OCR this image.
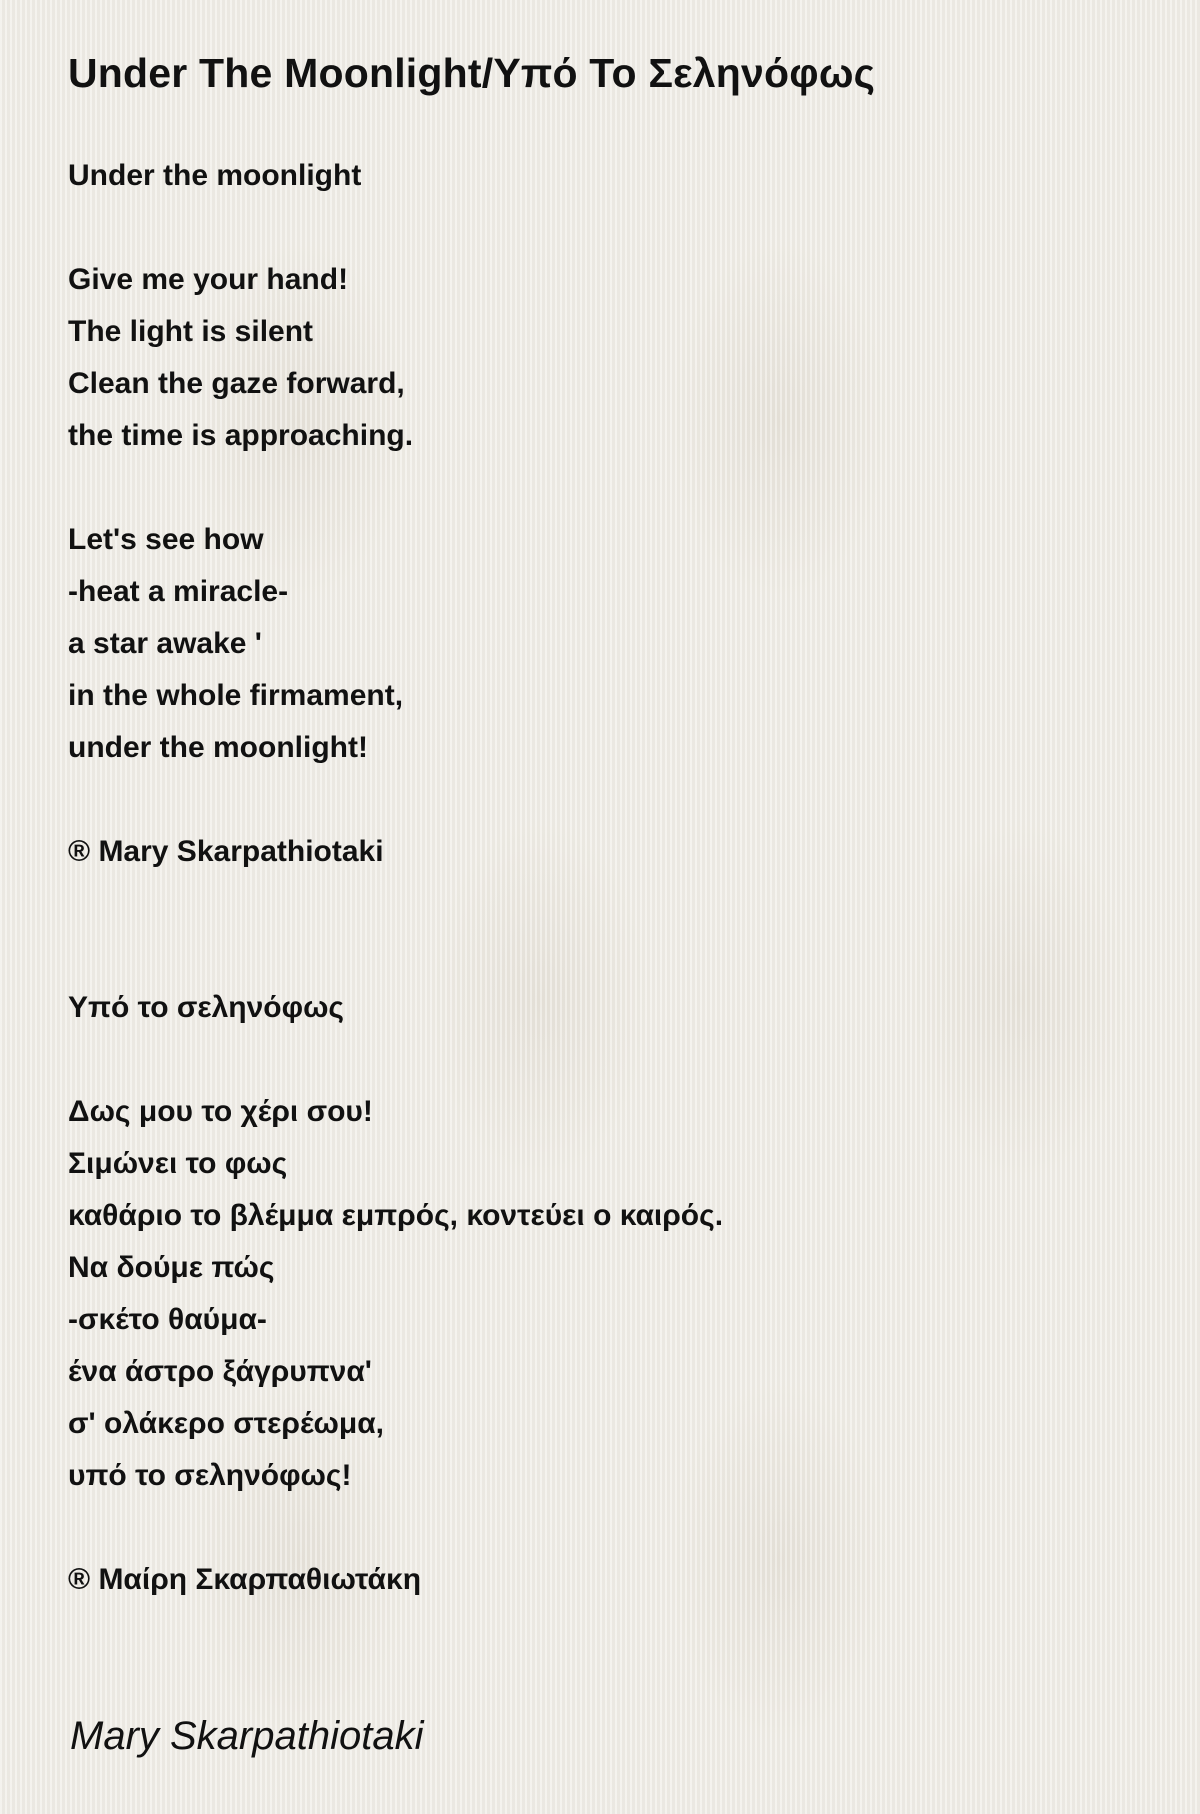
Under The Moonlight/Υπό Το Σεληνόφως
Under the moonlight
Give me your hand!
The light is silent
Clean the gaze forward,
the time is approaching.
Let's see how
-heat a miracle-
a star awake '
in the whole firmament,
under the moonlight!
® Mary Skarpathiotaki
Υπό το σεληνόφως
Δως μου το χέρι σου!
Σιμώνει το φως
καθάριο το βλέμμα εμπρός, κοντεύει ο καιρός.
Να δούμε πώς
-σκέτο θαύμα-
ένα άστρο ξάγρυπνα'
σ' ολάκερο στερέωμα,
υπό το σεληνόφως!
® Μαίρη Σκαρπαθιωτάκη
Mary Skarpathiotaki
